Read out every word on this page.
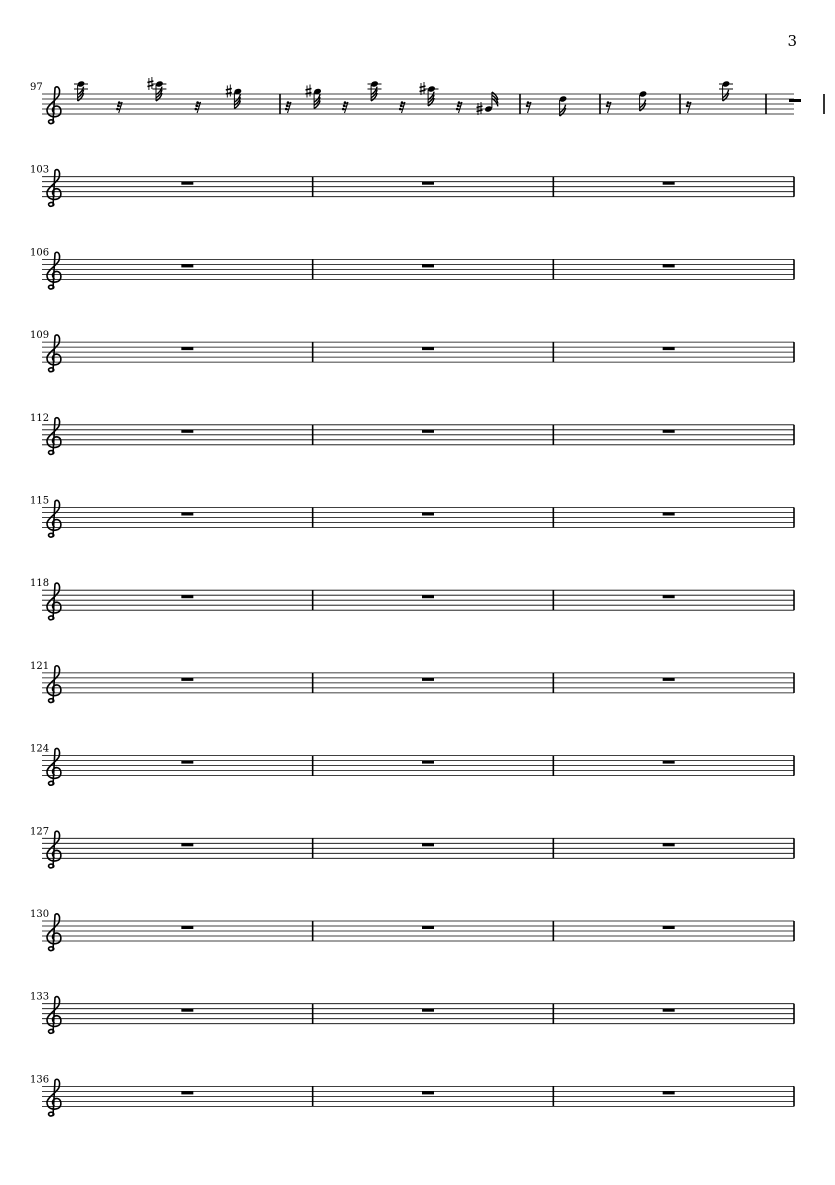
3
97
103
106
109
112
115
118
121
124
127
130
133
136
